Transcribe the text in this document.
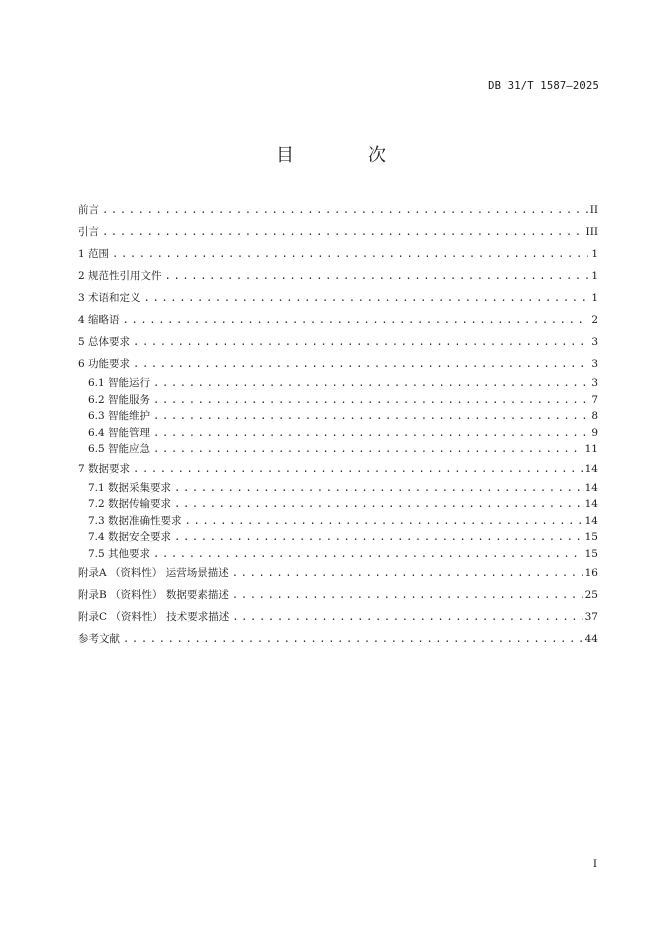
DB 31/T 1587—2025
目　次
前言 .....	II
引言 .....	III
1 范围 .....	1
2 规范性引用文件 .....	1
3 术语和定义 .....	1
4 缩略语 .....	2
5 总体要求 .....	3
6 功能要求 .....	3
6.1 智能运行 .....	3
6.2 智能服务 .....	7
6.3 智能维护 .....	8
6.4 智能管理 .....	9
6.5 智能应急 .....	11
7 数据要求 .....	14
7.1 数据采集要求 .....	14
7.2 数据传输要求 .....	14
7.3 数据准确性要求 .....	14
7.4 数据安全要求 .....	15
7.5 其他要求 .....	15
附录A （资料性） 运营场景描述 .....	16
附录B （资料性） 数据要素描述 .....	25
附录C （资料性） 技术要求描述 .....	37
参考文献 .....	44
I
